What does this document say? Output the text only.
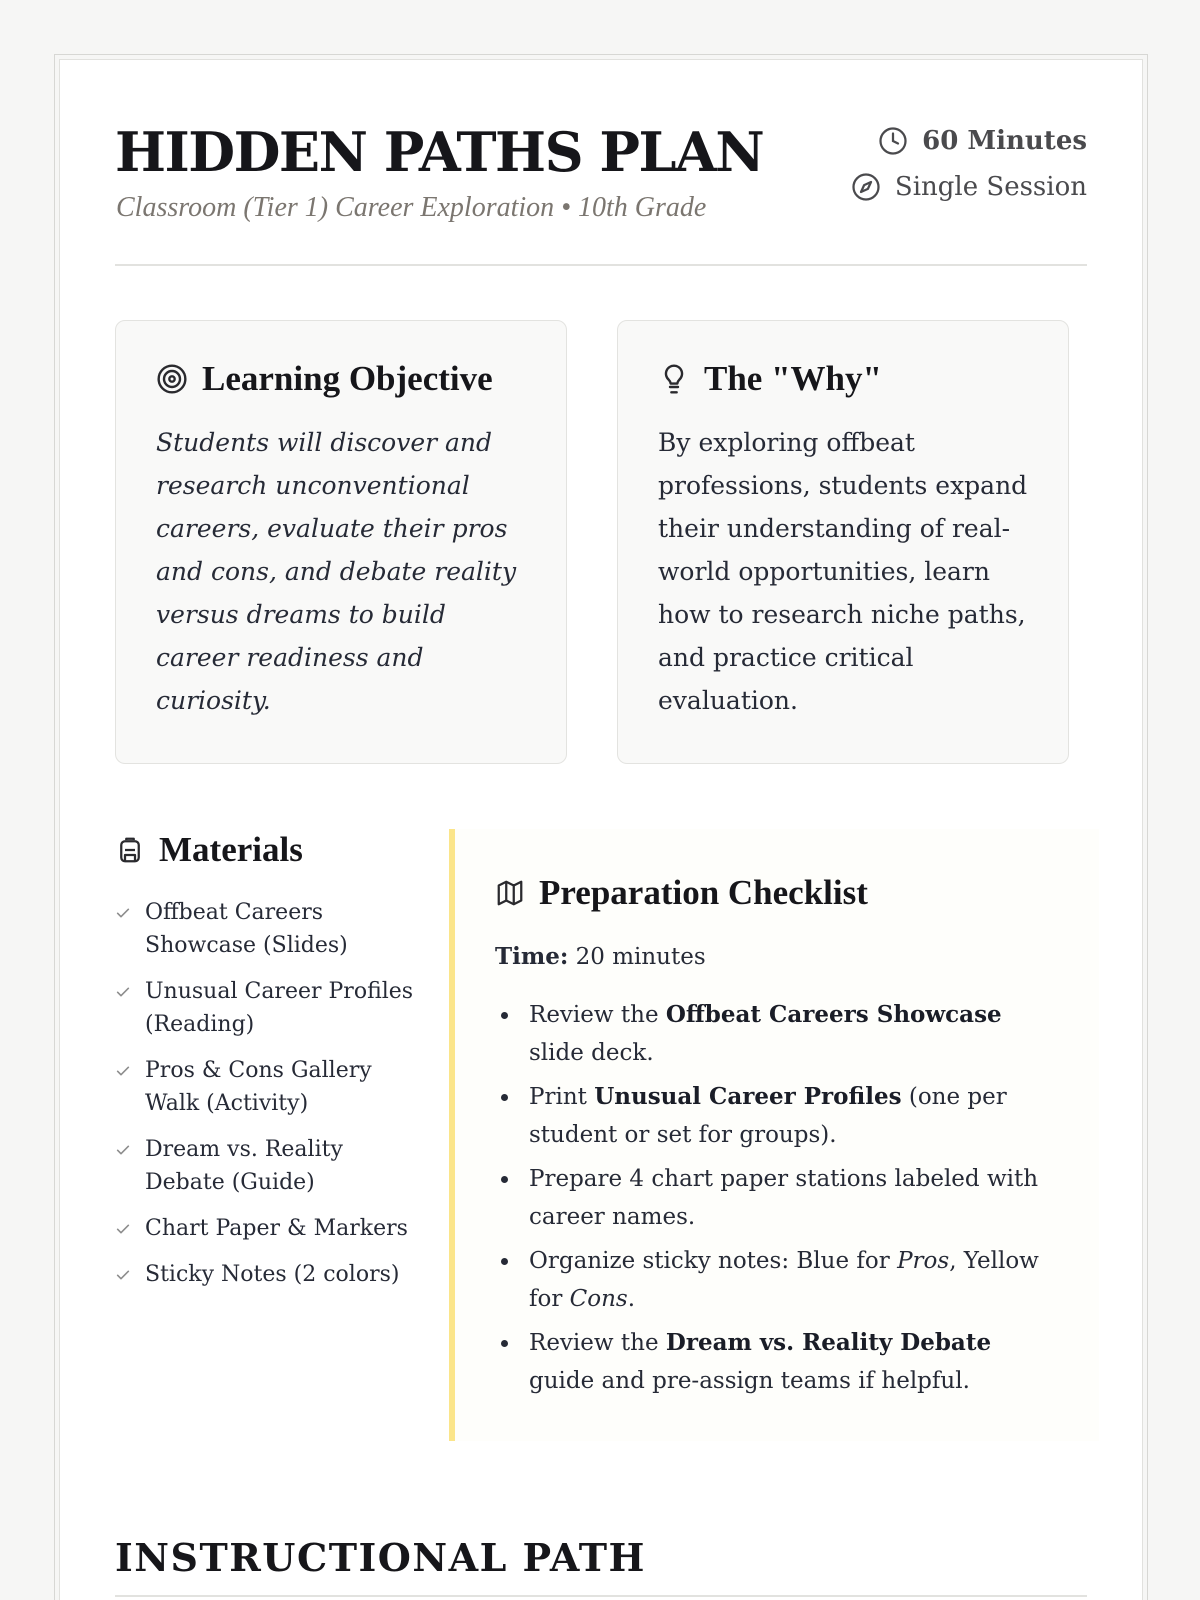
HIDDEN PATHS PLAN
Classroom (Tier 1) Career Exploration • 10th Grade
60 Minutes
Single Session
Learning Objective

Students will discover and research unconventional careers, evaluate their pros and cons, and debate reality versus dreams to build career readiness and curiosity.

The "Why"

By exploring offbeat professions, students expand their understanding of real-world opportunities, learn how to research niche paths, and practice critical evaluation.

Materials
Offbeat Careers Showcase (Slides)
Unusual Career Profiles (Reading)
Pros & Cons Gallery Walk (Activity)
Dream vs. Reality Debate (Guide)
Chart Paper & Markers
Sticky Notes (2 colors)
Preparation Checklist

Time: 20 minutes

Review the Offbeat Careers Showcase slide deck.
Print Unusual Career Profiles (one per student or set for groups).
Prepare 4 chart paper stations labeled with career names.
Organize sticky notes: Blue for Pros, Yellow for Cons.
Review the Dream vs. Reality Debate guide and pre-assign teams if helpful.
INSTRUCTIONAL PATH
